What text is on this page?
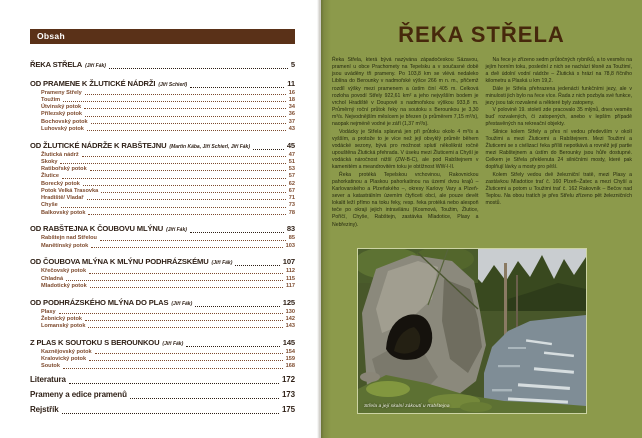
Obsah
ŘEKA STŘELA (Jiří Fák)	5
OD PRAMENE K ŽLUTICKÉ NÁDRŽI (Jiří Schierl)	11
Prameny Střely	16
Toužim	18
Útvinský potok	34
Přílezský potok	36
Bochovský potok	37
Luhovský potok	43
OD ŽLUTICKÉ NÁDRŽE K RABŠTEJNU (Martin Kába, Jiří Schierl, Jiří Fák)	45
Žlutická nádrž	47
Skoky	51
Ratibořský potok	53
Žlutice	57
Borecký potok	62
Potok Velká Trasovka	67
Hradiště/ Vladař	71
Chyše	73
Balkovský potok	78
OD RABŠTEJNA K ČOUBOVU MLÝNU (Jiří Fák)	83
Rabštejn nad Střelou	85
Manětínský potok	103
OD ČOUBOVA MLÝNA K MLÝNU PODHRÁZSKÉMU (Jiří Fák)	107
Křečovský potok	112
Chladná	115
Mladotický potok	117
OD PODHRÁZSKÉHO MLÝNA DO PLAS (Jiří Fák)	125
Plasy	130
Žebnický potok	142
Lomanský potok	143
Z PLAS K SOUTOKU S BEROUNKOU (Jiří Fák)	145
Kaznějovský potok	154
Kralovický potok	159
Soutok	168
Literatura	172
Prameny a edice pramenů	173
Rejstřík	175
ŘEKA STŘELA

Řeka Střela, která bývá nazývána západočeskou Sázavou, pramení u obce Prachomety na Tepelsku a v současné době jsou uváděny tři prameny. Po 103,8 km se vlévá nedaleko Liblína do Berounky v nadmořské výšce 266 m n. m., přičemž rozdíl výšky mezi pramenem a ústím činí 405 m. Celková rozloha povodí Střely 922,61 km² a jeho nejvyšším bodem je vrchol Hradiště v Doupově s nadmořskou výškou 933,8 m. Průměrný roční průtok řeky na soutoku s Berounkou je 3,30 m³/s. Nejvodnějším měsícem je březen (s průměrem 7,15 m³/s), naopak nejméně vodné je září (1,37 m³/s).

Vodácky je Střela splavná jen při průtoku okolo 4 m³/s a vyšším, a protože to je více než její obvyklý průměr během vodácké sezony, bývá pro možnost splutí několikrát ročně upouštěna Žlutická přehrada. V úseku mezi Žluticemi a Chyší je vodácká náročnost nižší (ZW-B-C), ale pod Rabštejnem v kamenitém a meandrovitém toku je obtížnost WW-I-II.

Řeka protéká Tepelskou vrchovinou, Rakovnickou pahorkatinou a Plaskou pahorkatinou na území dvou krajů – Karlovarského a Plzeňského –, okresy Karlovy Vary a Plzeň-sever a katastrálním územím čtyřiceti obcí, ale pouze devět lokalit leží přímo na toku řeky, resp. řeka protéká nebo alespoň teče po okraji jejich intravilánu (Kosmová, Toužim, Žlutice, Poříčí, Chyše, Rabštejn, zastávka Mladotice, Plasy a Nebřeziny).

Na řece je zřízeno sedm průtočných rybníků, a to vesměs na jejím horním toku, poslední z nich se nachází těsně za Toužimí, a dvě údolní vodní nádrže – Žlutická s hrází na 78,8 říčního kilometru a Plaská u km 19,2.

Dále je Střela přehrazena jedenácti funkčními jezy, ale v minulosti jich bylo na řece více. Řada z nich pozbyla své funkce, jezy jsou tak rozvalené a některé byly zatopeny.

V polovině 19. století zde pracovalo 35 mlýnů, dnes vesměs buď rozvalených, či zatopených, anebo v lepším případě přestavěných na rekreační objekty.

Silnice kolem Střely a přes ní vedou především v okolí Toužimi a mezi Žluticemi a Rabštejnem. Mezi Toužimí a Žluticemi se s civilizací řeka příliš nepotkává a rovněž její partie mezi Rabštejnem a ústím do Berounky jsou hůře dostupné. Celkem je Střela překlenuta 24 silničními mosty, které pak doplňují lávky a mosty pro pěší.

Kolem Střely vedou dvě železniční tratě, mezi Plasy a zastávkou Mladotice trať č. 160 Plzeň–Žatec a mezi Chyší a Žluticemi a potom u Toužimi trať č. 162 Rakovník – Bečov nad Teplou. Na obou tratích je přes Střelu zřízeno pět železničních mostů.

Střela a její skalní zákoutí u Rabštejna
